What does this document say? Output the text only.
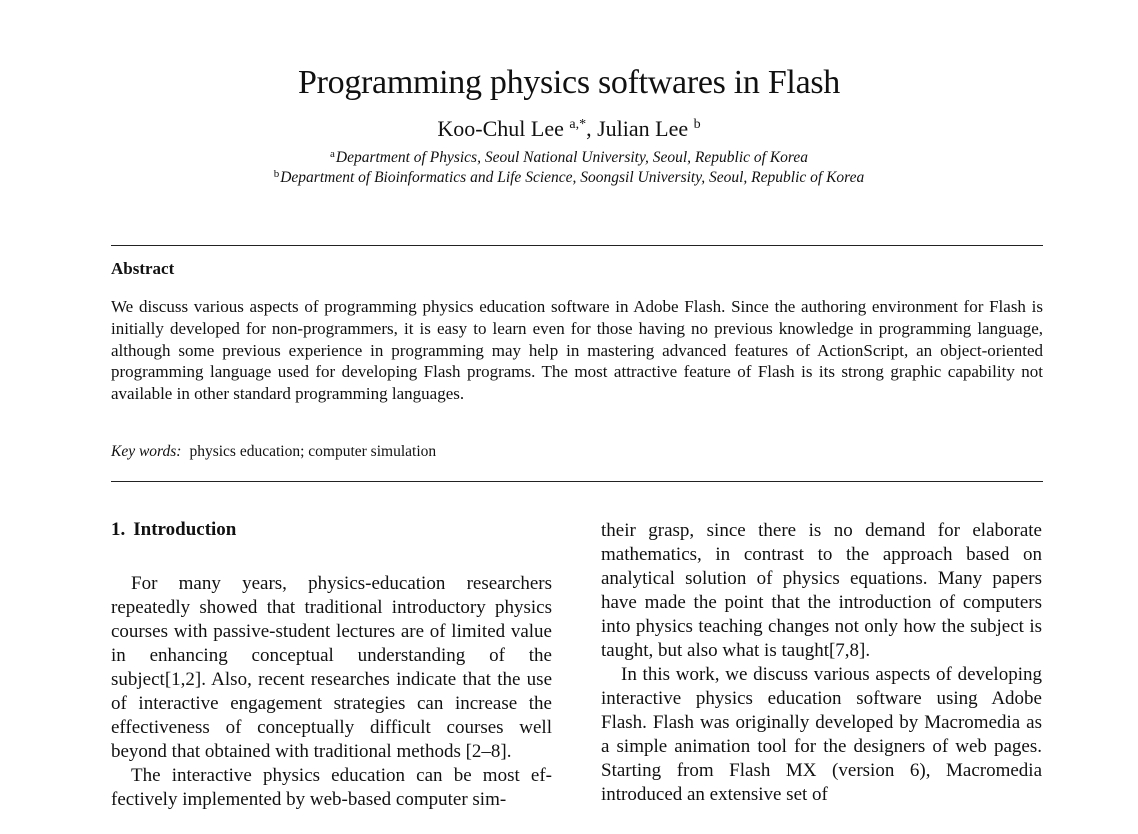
Programming physics softwares in Flash
Koo-Chul Lee $^{a,*}$, Julian Lee $^b$
$^a$Department of Physics, Seoul National University, Seoul, Republic of Korea
$^b$Department of Bioinformatics and Life Science, Soongsil University, Seoul, Republic of Korea
Abstract
We discuss various aspects of programming physics education software in Adobe Flash. Since the authoring environment for Flash is initially developed for non-programmers, it is easy to learn even for those having no previous knowledge in programming language, although some previous experience in programming may help in mastering advanced features of ActionScript, an object-oriented programming language used for developing Flash programs. The most attractive feature of Flash is its strong graphic capability not available in other standard programming languages.
Key words: physics education; computer simulation
1. Introduction

For many years, physics-education researchers repeatedly showed that traditional introductory physics courses with passive-student lectures are of limited value in enhancing conceptual understanding of the subject[1,2]. Also, recent researches indicate that the use of interactive engagement strategies can increase the effectiveness of conceptually difficult courses well beyond that obtained with traditional methods [2–8].

The interactive physics education can be most effectively implemented by web-based computer sim-

their grasp, since there is no demand for elaborate mathematics, in contrast to the approach based on analytical solution of physics equations. Many papers have made the point that the introduction of computers into physics teaching changes not only how the subject is taught, but also what is taught[7,8].

In this work, we discuss various aspects of developing interactive physics education software using Adobe Flash. Flash was originally developed by Macromedia as a simple animation tool for the designers of web pages. Starting from Flash MX (version 6), Macromedia introduced an extensive set of
